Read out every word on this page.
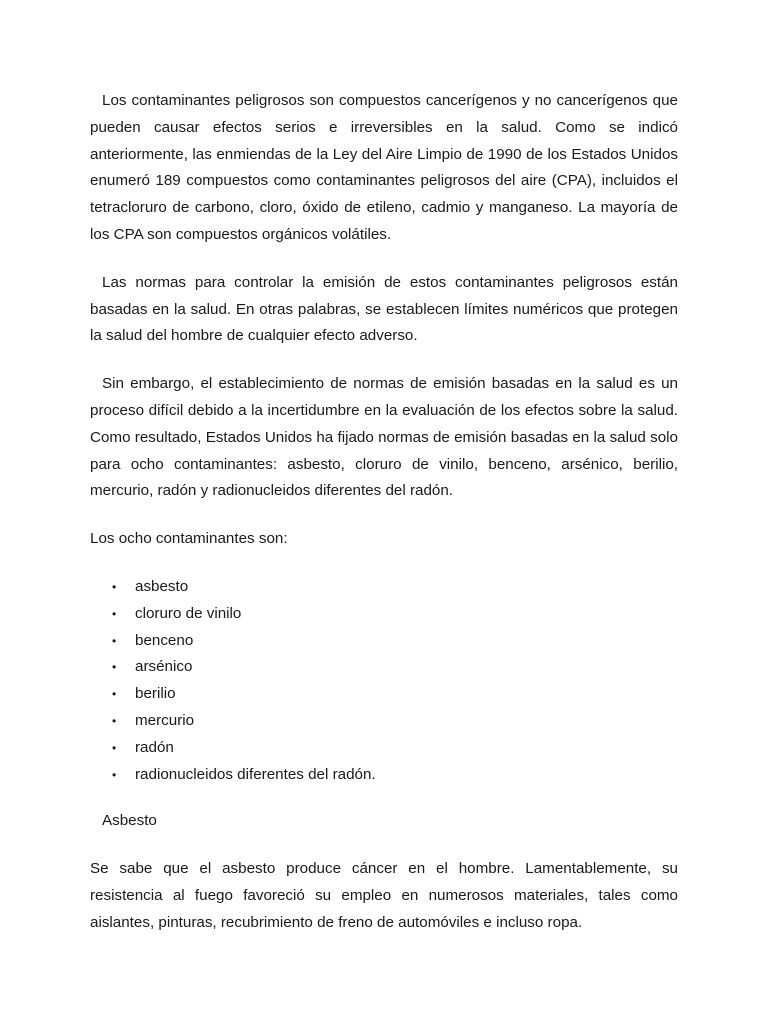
Los contaminantes peligrosos son compuestos cancerígenos y no cancerígenos que pueden causar efectos serios e irreversibles en la salud. Como se indicó anteriormente, las enmiendas de la Ley del Aire Limpio de 1990 de los Estados Unidos enumeró 189 compuestos como contaminantes peligrosos del aire (CPA), incluidos el tetracloruro de carbono, cloro, óxido de etileno, cadmio y manganeso. La mayoría de los CPA son compuestos orgánicos volátiles.

Las normas para controlar la emisión de estos contaminantes peligrosos están basadas en la salud. En otras palabras, se establecen límites numéricos que protegen la salud del hombre de cualquier efecto adverso.

Sin embargo, el establecimiento de normas de emisión basadas en la salud es un proceso difícil debido a la incertidumbre en la evaluación de los efectos sobre la salud. Como resultado, Estados Unidos ha fijado normas de emisión basadas en la salud solo para ocho contaminantes: asbesto, cloruro de vinilo, benceno, arsénico, berilio, mercurio, radón y radionucleidos diferentes del radón.

Los ocho contaminantes son:

• asbesto
• cloruro de vinilo
• benceno
• arsénico
• berilio
• mercurio
• radón
• radionucleidos diferentes del radón.

Asbesto

Se sabe que el asbesto produce cáncer en el hombre. Lamentablemente, su resistencia al fuego favoreció su empleo en numerosos materiales, tales como aislantes, pinturas, recubrimiento de freno de automóviles e incluso ropa.
